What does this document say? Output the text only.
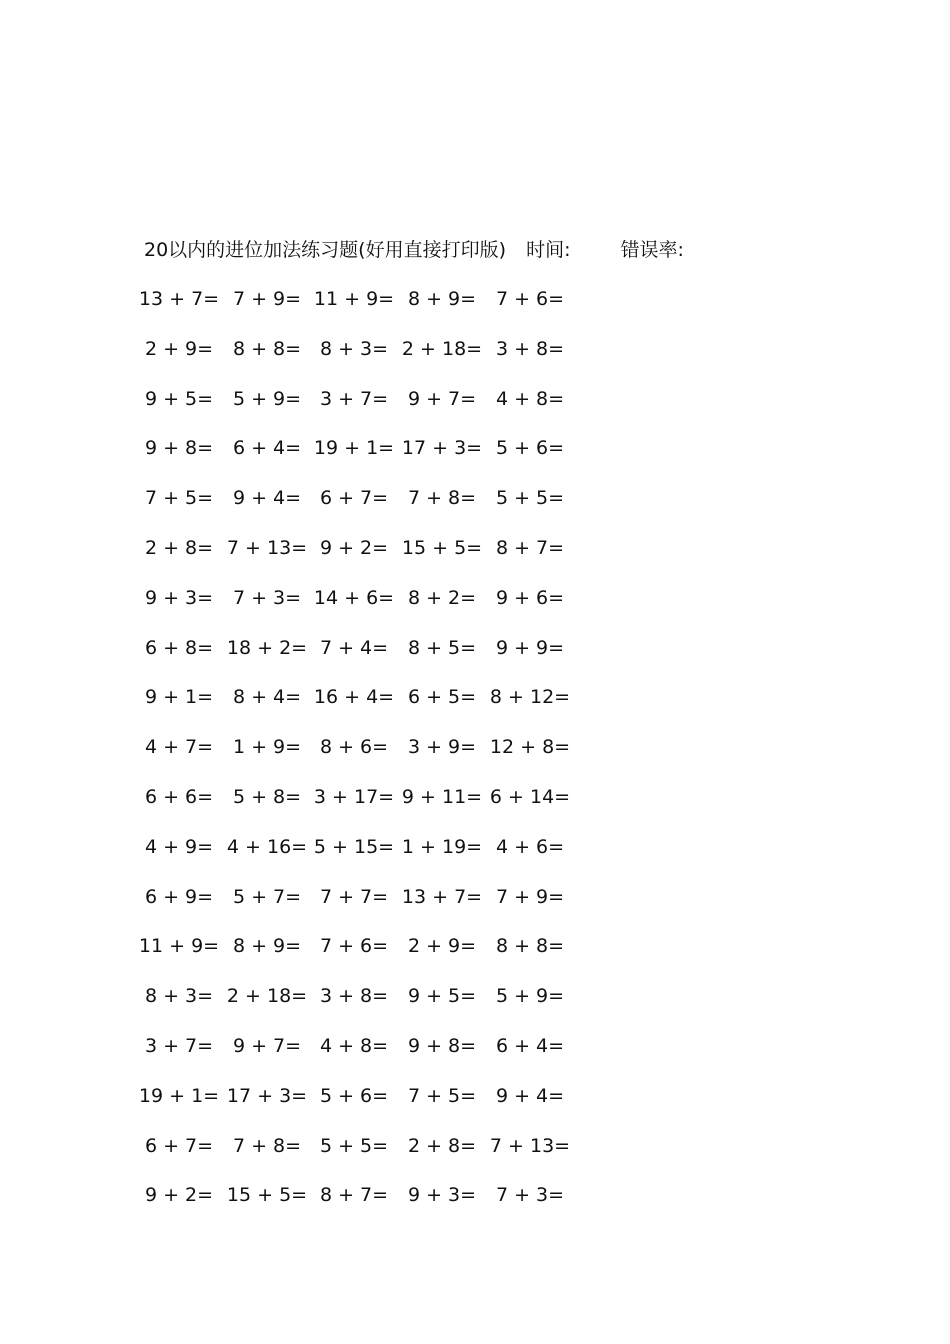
20以内的进位加法练习题(好用直接打印版) 时间:	错误率:
13 + 7= 7 + 9= 11 + 9= 8 + 9=	7 + 6=
2 + 9=	8 + 8= 8 + 3= 2 + 18= 3 + 8=
9 + 5=	5 + 9= 3 + 7=	9 + 7=	4 + 8=
9 + 8=	6 + 4= 19 + 1= 17 + 3= 5 + 6=
7 + 5=	9 + 4= 6 + 7=	7 + 8=	5 + 5=
2 + 8= 7 + 13= 9 + 2= 15 + 5= 8 + 7=
9 + 3=	7 + 3= 14 + 6= 8 + 2=	9 + 6=
6 + 8= 18 + 2= 7 + 4=	8 + 5=	9 + 9=
9 + 1=	8 + 4= 16 + 4= 6 + 5= 8 + 12=
4 + 7=	1 + 9= 8 + 6=	3 + 9= 12 + 8=
6 + 6=	5 + 8= 3 + 17= 9 + 11= 6 + 14=
4 + 9= 4 + 16= 5 + 15= 1 + 19= 4 + 6=
6 + 9=	5 + 7= 7 + 7= 13 + 7= 7 + 9=
11 + 9= 8 + 9= 7 + 6=	2 + 9=	8 + 8=
8 + 3= 2 + 18= 3 + 8=	9 + 5=	5 + 9=
3 + 7=	9 + 7= 4 + 8=	9 + 8=	6 + 4=
19 + 1= 17 + 3= 5 + 6=	7 + 5=	9 + 4=
6 + 7=	7 + 8= 5 + 5=	2 + 8= 7 + 13=
9 + 2= 15 + 5= 8 + 7=	9 + 3=	7 + 3=
